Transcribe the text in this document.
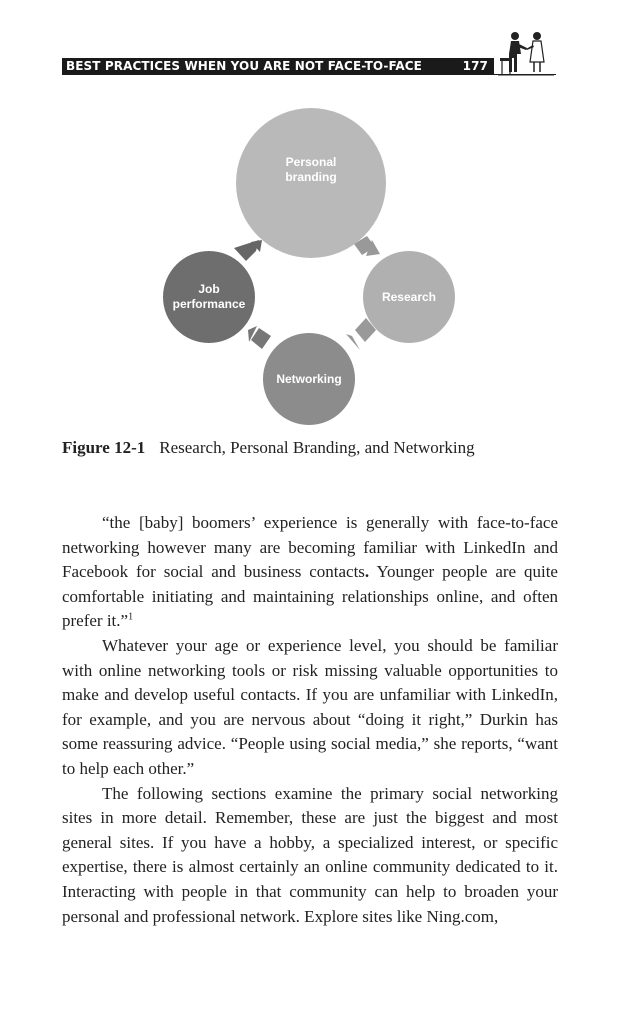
BEST PRACTICES WHEN YOU ARE NOT FACE-TO-FACE	177
Personal
branding
Research
Networking
Job
performance
Figure 12-1 Research, Personal Branding, and Networking

“the [baby] boomers’ experience is generally with face-to-face networking however many are becoming familiar with LinkedIn and Facebook for social and business contacts. Younger people are quite comfortable initiating and maintaining relationships online, and often prefer it.”$^1$

Whatever your age or experience level, you should be familiar with online networking tools or risk missing valuable opportunities to make and develop useful contacts. If you are unfamiliar with LinkedIn, for example, and you are nervous about “doing it right,” Durkin has some reassuring advice. “People using social media,” she reports, “want to help each other.”

The following sections examine the primary social networking sites in more detail. Remember, these are just the biggest and most general sites. If you have a hobby, a specialized interest, or specific expertise, there is almost certainly an online community dedicated to it. Interacting with people in that community can help to broaden your personal and professional network. Explore sites like Ning.com,
